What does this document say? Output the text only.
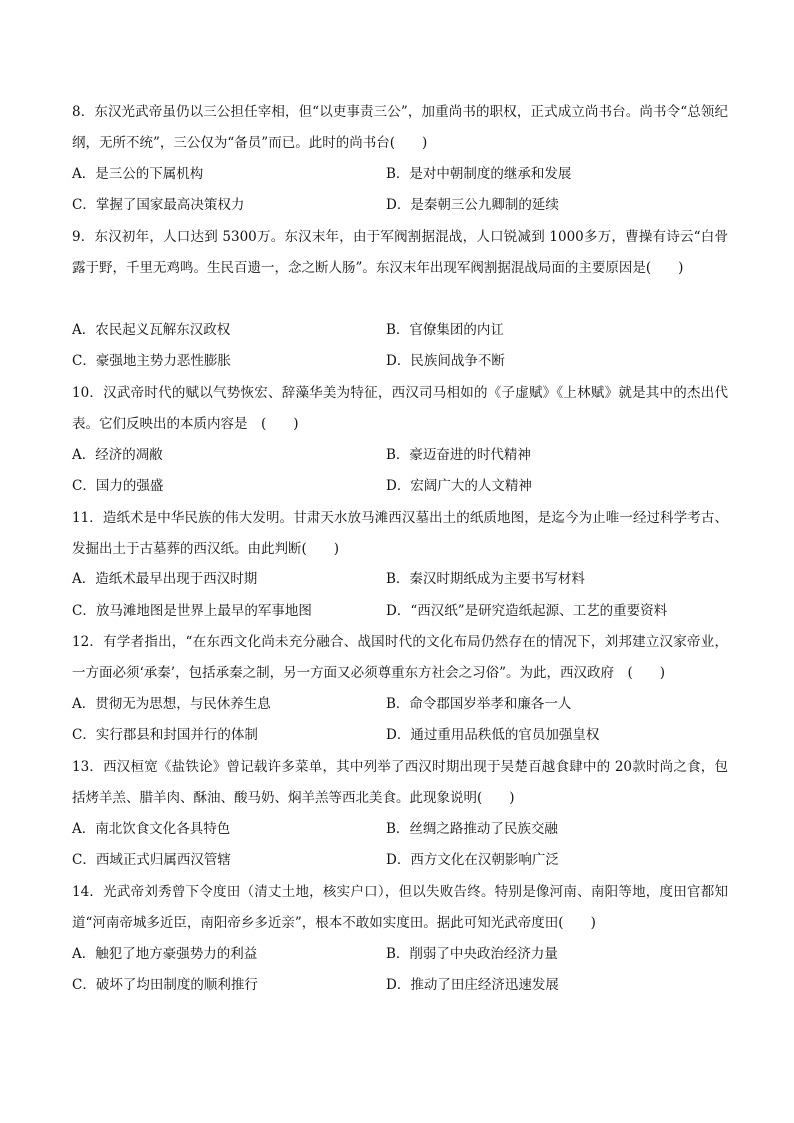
8．东汉光武帝虽仍以三公担任宰相，但“以吏事责三公”，加重尚书的职权，正式成立尚书台。尚书令“总领纪纲，无所不统”，三公仅为“备员”而已。此时的尚书台(　　)
A．是三公的下属机构	B．是对中朝制度的继承和发展
C．掌握了国家最高决策权力	D．是秦朝三公九卿制的延续
9．东汉初年，人口达到 5300万。东汉末年，由于军阀割据混战，人口锐减到 1000多万，曹操有诗云“白骨露于野，千里无鸡鸣。生民百遗一，念之断人肠”。东汉末年出现军阀割据混战局面的主要原因是(　　)
A．农民起义瓦解东汉政权	B．官僚集团的内讧
C．豪强地主势力恶性膨胀	D．民族间战争不断
10．汉武帝时代的赋以气势恢宏、辞藻华美为特征，西汉司马相如的《子虚赋》《上林赋》就是其中的杰出代表。它们反映出的本质内容是　(　　)
A．经济的凋敝	B．豪迈奋进的时代精神
C．国力的强盛	D．宏阔广大的人文精神
11．造纸术是中华民族的伟大发明。甘肃天水放马滩西汉墓出土的纸质地图，是迄今为止唯一经过科学考古、发掘出土于古墓葬的西汉纸。由此判断(　　)
A．造纸术最早出现于西汉时期	B．秦汉时期纸成为主要书写材料
C．放马滩地图是世界上最早的军事地图	D．“西汉纸”是研究造纸起源、工艺的重要资料
12．有学者指出，“在东西文化尚未充分融合、战国时代的文化布局仍然存在的情况下，刘邦建立汉家帝业，一方面必须‘承秦’，包括承秦之制，另一方面又必须尊重东方社会之习俗”。为此，西汉政府　(　　)
A．贯彻无为思想，与民休养生息	B．命令郡国岁举孝和廉各一人
C．实行郡县和封国并行的体制	D．通过重用品秩低的官员加强皇权
13．西汉桓宽《盐铁论》曾记载许多菜单，其中列举了西汉时期出现于吴楚百越食肆中的 20款时尚之食，包括烤羊羔、腊羊肉、酥油、酸马奶、焖羊羔等西北美食。此现象说明(　　)
A．南北饮食文化各具特色	B．丝绸之路推动了民族交融
C．西域正式归属西汉管辖	D．西方文化在汉朝影响广泛
14．光武帝刘秀曾下令度田（清丈土地，核实户口），但以失败告终。特别是像河南、南阳等地，度田官都知道“河南帝城多近臣，南阳帝乡多近亲”，根本不敢如实度田。据此可知光武帝度田(　　)
A．触犯了地方豪强势力的利益	B．削弱了中央政治经济力量
C．破坏了均田制度的顺利推行	D．推动了田庄经济迅速发展
